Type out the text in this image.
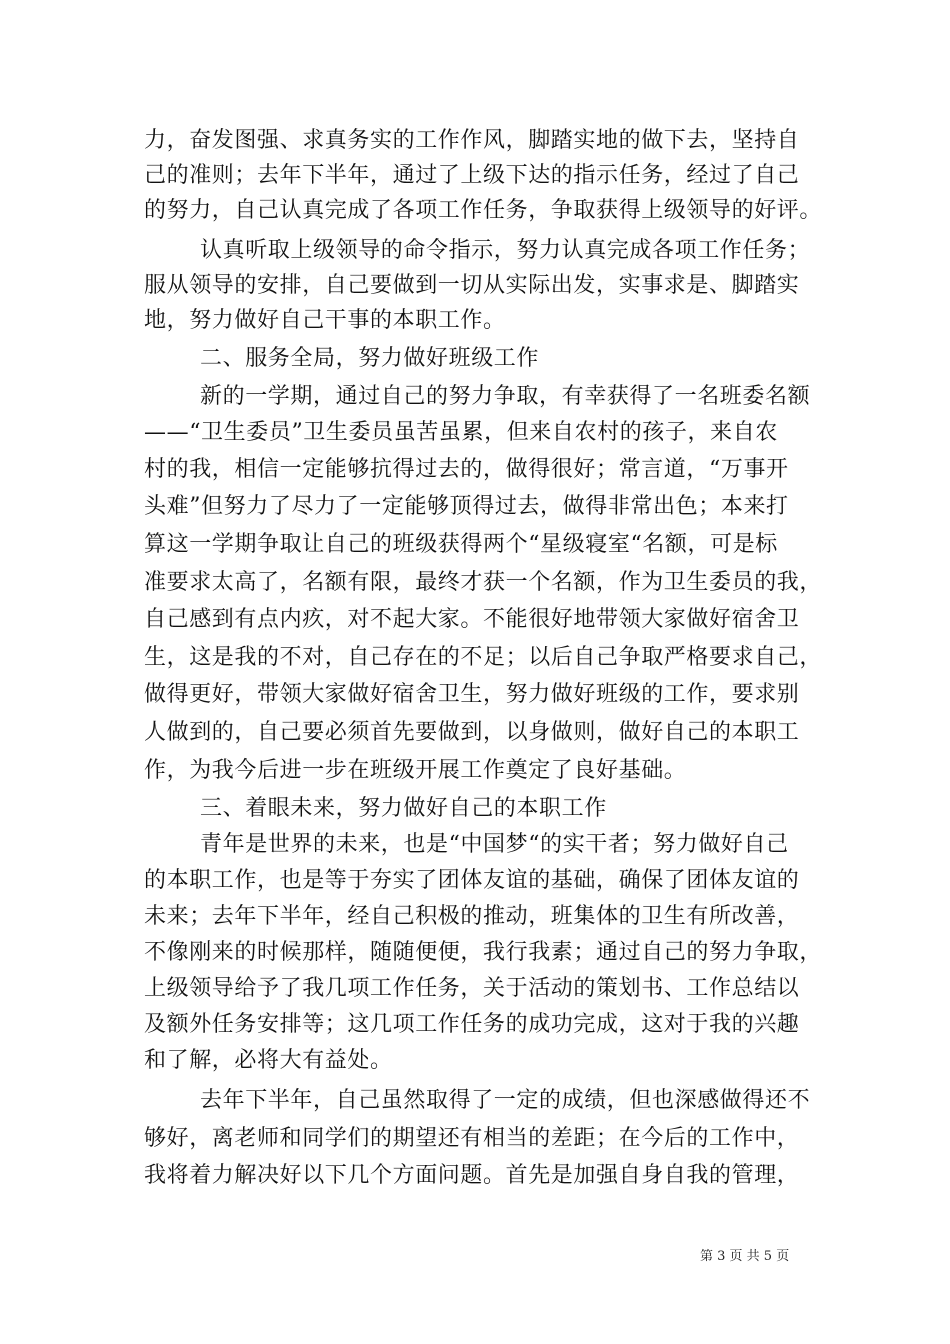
力，奋发图强、求真务实的工作作风，脚踏实地的做下去，坚持自
己的准则；去年下半年，通过了上级下达的指示任务，经过了自己
的努力，自己认真完成了各项工作任务，争取获得上级领导的好评。
认真听取上级领导的命令指示，努力认真完成各项工作任务；
服从领导的安排，自己要做到一切从实际出发，实事求是、脚踏实
地，努力做好自己干事的本职工作。
二、服务全局，努力做好班级工作
新的一学期，通过自己的努力争取，有幸获得了一名班委名额
——“卫生委员”卫生委员虽苦虽累，但来自农村的孩子，来自农
村的我，相信一定能够抗得过去的，做得很好；常言道，“万事开
头难”但努力了尽力了一定能够顶得过去，做得非常出色；本来打
算这一学期争取让自己的班级获得两个“星级寝室“名额，可是标
准要求太高了，名额有限，最终才获一个名额，作为卫生委员的我，
自己感到有点内疚，对不起大家。不能很好地带领大家做好宿舍卫
生，这是我的不对，自己存在的不足；以后自己争取严格要求自己，
做得更好，带领大家做好宿舍卫生，努力做好班级的工作，要求别
人做到的，自己要必须首先要做到，以身做则，做好自己的本职工
作，为我今后进一步在班级开展工作奠定了良好基础。
三、着眼未来，努力做好自己的本职工作
青年是世界的未来，也是“中国梦“的实干者；努力做好自己
的本职工作，也是等于夯实了团体友谊的基础，确保了团体友谊的
未来；去年下半年，经自己积极的推动，班集体的卫生有所改善，
不像刚来的时候那样，随随便便，我行我素；通过自己的努力争取，
上级领导给予了我几项工作任务，关于活动的策划书、工作总结以
及额外任务安排等；这几项工作任务的成功完成，这对于我的兴趣
和了解，必将大有益处。
去年下半年，自己虽然取得了一定的成绩，但也深感做得还不
够好，离老师和同学们的期望还有相当的差距；在今后的工作中，
我将着力解决好以下几个方面问题。首先是加强自身自我的管理，
第 3 页 共 5 页
